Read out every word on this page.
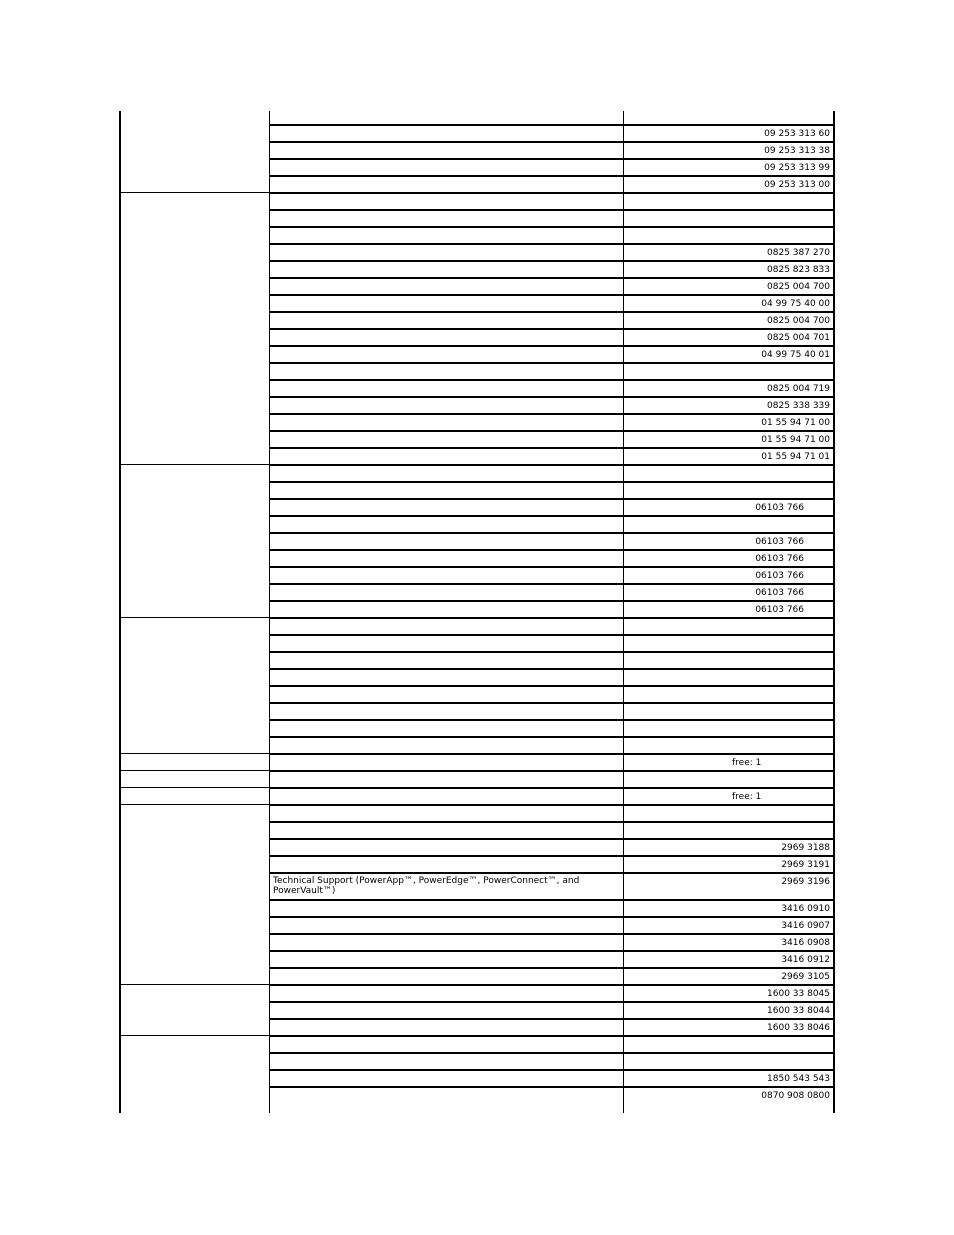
09 253 313 60
09 253 313 38
09 253 313 99
09 253 313 00
0825 387 270
0825 823 833
0825 004 700
04 99 75 40 00
0825 004 700
0825 004 701
04 99 75 40 01
0825 004 719
0825 338 339
01 55 94 71 00
01 55 94 71 00
01 55 94 71 01
06103 766
06103 766
06103 766
06103 766
06103 766
06103 766
free: 1
free: 1
2969 3188
2969 3191
Technical Support (PowerApp™, PowerEdge™, PowerConnect™, and PowerVault™)
2969 3196
3416 0910
3416 0907
3416 0908
3416 0912
2969 3105
1600 33 8045
1600 33 8044
1600 33 8046
1850 543 543
0870 908 0800
